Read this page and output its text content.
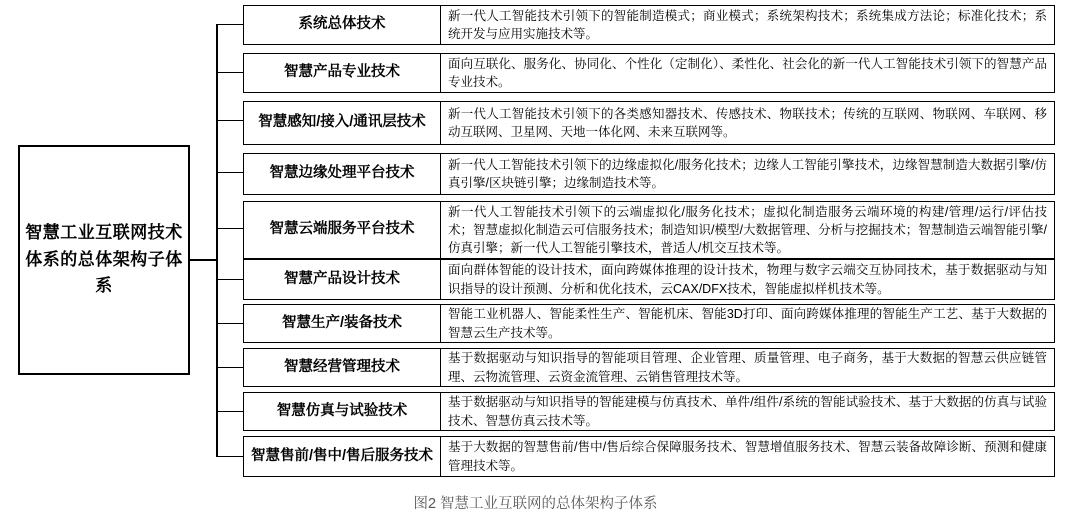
智慧工业互联网技术体系的总体架构子体系
系统总体技术
新一代人工智能技术引领下的智能制造模式；商业模式；系统架构技术；系统集成方法论；标准化技术；系统开发与应用实施技术等。
智慧产品专业技术
面向互联化、服务化、协同化、个性化（定制化）、柔性化、社会化的新一代人工智能技术引领下的智慧产品专业技术。
智慧感知/接入/通讯层技术
新一代人工智能技术引领下的各类感知器技术、传感技术、物联技术；传统的互联网、物联网、车联网、移动互联网、卫星网、天地一体化网、未来互联网等。
智慧边缘处理平台技术
新一代人工智能技术引领下的边缘虚拟化/服务化技术；边缘人工智能引擎技术，边缘智慧制造大数据引擎/仿真引擎/区块链引擎；边缘制造技术等。
智慧云端服务平台技术
新一代人工智能技术引领下的云端虚拟化/服务化技术；虚拟化制造服务云端环境的构建/管理/运行/评估技术；智慧虚拟化制造云可信服务技术；制造知识/模型/大数据管理、分析与挖掘技术；智慧制造云端智能引擎/仿真引擎；新一代人工智能引擎技术，普适人/机交互技术等。
智慧产品设计技术
面向群体智能的设计技术，面向跨媒体推理的设计技术，物理与数字云端交互协同技术，基于数据驱动与知识指导的设计预测、分析和优化技术，云CAX/DFX技术，智能虚拟样机技术等。
智慧生产/装备技术
智能工业机器人、智能柔性生产、智能机床、智能3D打印、面向跨媒体推理的智能生产工艺、基于大数据的智慧云生产技术等。
智慧经营管理技术
基于数据驱动与知识指导的智能项目管理、企业管理、质量管理、电子商务，基于大数据的智慧云供应链管理、云物流管理、云资金流管理、云销售管理技术等。
智慧仿真与试验技术
基于数据驱动与知识指导的智能建模与仿真技术、单件/组件/系统的智能试验技术、基于大数据的仿真与试验技术、智慧仿真云技术等。
智慧售前/售中/售后服务技术
基于大数据的智慧售前/售中/售后综合保障服务技术、智慧增值服务技术、智慧云装备故障诊断、预测和健康管理技术等。
图2 智慧工业互联网的总体架构子体系
